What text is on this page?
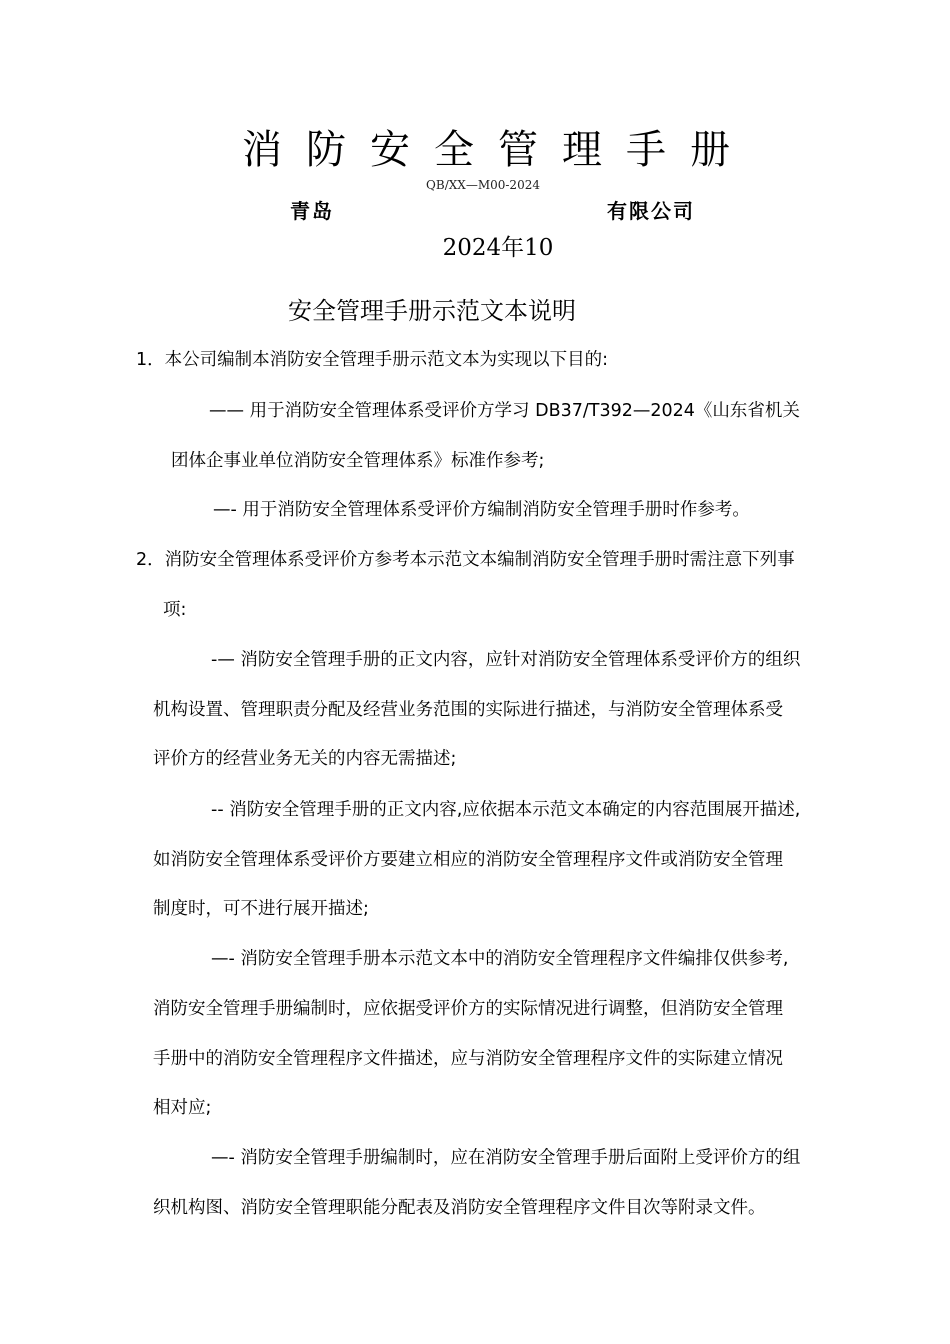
消防安全管理手册
QB/XX—M00-2024
青岛	有限公司
2024年10
安全管理手册示范文本说明
1．本公司编制本消防安全管理手册示范文本为实现以下目的:
—— 用于消防安全管理体系受评价方学习 DB37/T392—2024《山东省机关
团体企事业单位消防安全管理体系》标准作参考;
—- 用于消防安全管理体系受评价方编制消防安全管理手册时作参考。
2．消防安全管理体系受评价方参考本示范文本编制消防安全管理手册时需注意下列事
项:
-— 消防安全管理手册的正文内容，应针对消防安全管理体系受评价方的组织
机构设置、管理职责分配及经营业务范围的实际进行描述，与消防安全管理体系受
评价方的经营业务无关的内容无需描述;
-- 消防安全管理手册的正文内容,应依据本示范文本确定的内容范围展开描述,
如消防安全管理体系受评价方要建立相应的消防安全管理程序文件或消防安全管理
制度时，可不进行展开描述;
—- 消防安全管理手册本示范文本中的消防安全管理程序文件编排仅供参考,
消防安全管理手册编制时，应依据受评价方的实际情况进行调整，但消防安全管理
手册中的消防安全管理程序文件描述，应与消防安全管理程序文件的实际建立情况
相对应;
—- 消防安全管理手册编制时，应在消防安全管理手册后面附上受评价方的组
织机构图、消防安全管理职能分配表及消防安全管理程序文件目次等附录文件。
